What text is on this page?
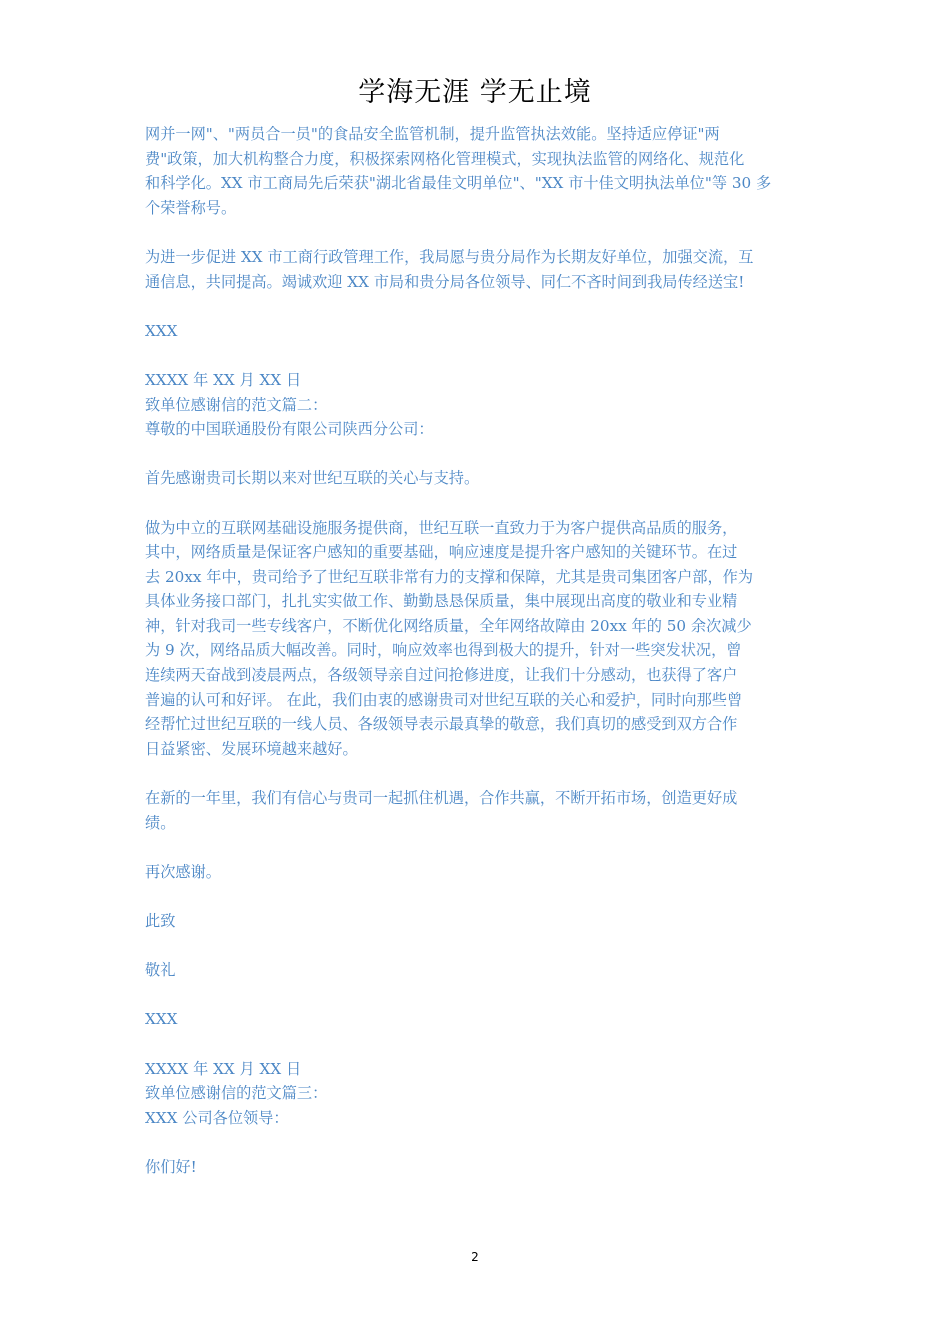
学海无涯 学无止境

网并一网"、"两员合一员"的食品安全监管机制，提升监管执法效能。坚持适应停证"两
费"政策，加大机构整合力度，积极探索网格化管理模式，实现执法监管的网络化、规范化
和科学化。XX 市工商局先后荣获"湖北省最佳文明单位"、"XX 市十佳文明执法单位"等 30 多
个荣誉称号。

为进一步促进 XX 市工商行政管理工作，我局愿与贵分局作为长期友好单位，加强交流，互
通信息，共同提高。竭诚欢迎 XX 市局和贵分局各位领导、同仁不吝时间到我局传经送宝!

XXX

XXXX 年 XX 月 XX 日

致单位感谢信的范文篇二：

尊敬的中国联通股份有限公司陕西分公司：

首先感谢贵司长期以来对世纪互联的关心与支持。

做为中立的互联网基础设施服务提供商，世纪互联一直致力于为客户提供高品质的服务，
其中，网络质量是保证客户感知的重要基础，响应速度是提升客户感知的关键环节。在过
去 20xx 年中，贵司给予了世纪互联非常有力的支撑和保障，尤其是贵司集团客户部，作为
具体业务接口部门，扎扎实实做工作、勤勤恳恳保质量，集中展现出高度的敬业和专业精
神，针对我司一些专线客户，不断优化网络质量，全年网络故障由 20xx 年的 50 余次减少
为 9 次，网络品质大幅改善。同时，响应效率也得到极大的提升，针对一些突发状况，曾
连续两天奋战到凌晨两点，各级领导亲自过问抢修进度，让我们十分感动，也获得了客户
普遍的认可和好评。 在此，我们由衷的感谢贵司对世纪互联的关心和爱护，同时向那些曾
经帮忙过世纪互联的一线人员、各级领导表示最真挚的敬意，我们真切的感受到双方合作
日益紧密、发展环境越来越好。

在新的一年里，我们有信心与贵司一起抓住机遇，合作共赢，不断开拓市场，创造更好成
绩。

再次感谢。

此致

敬礼

XXX

XXXX 年 XX 月 XX 日

致单位感谢信的范文篇三：

XXX 公司各位领导：

你们好!

2
